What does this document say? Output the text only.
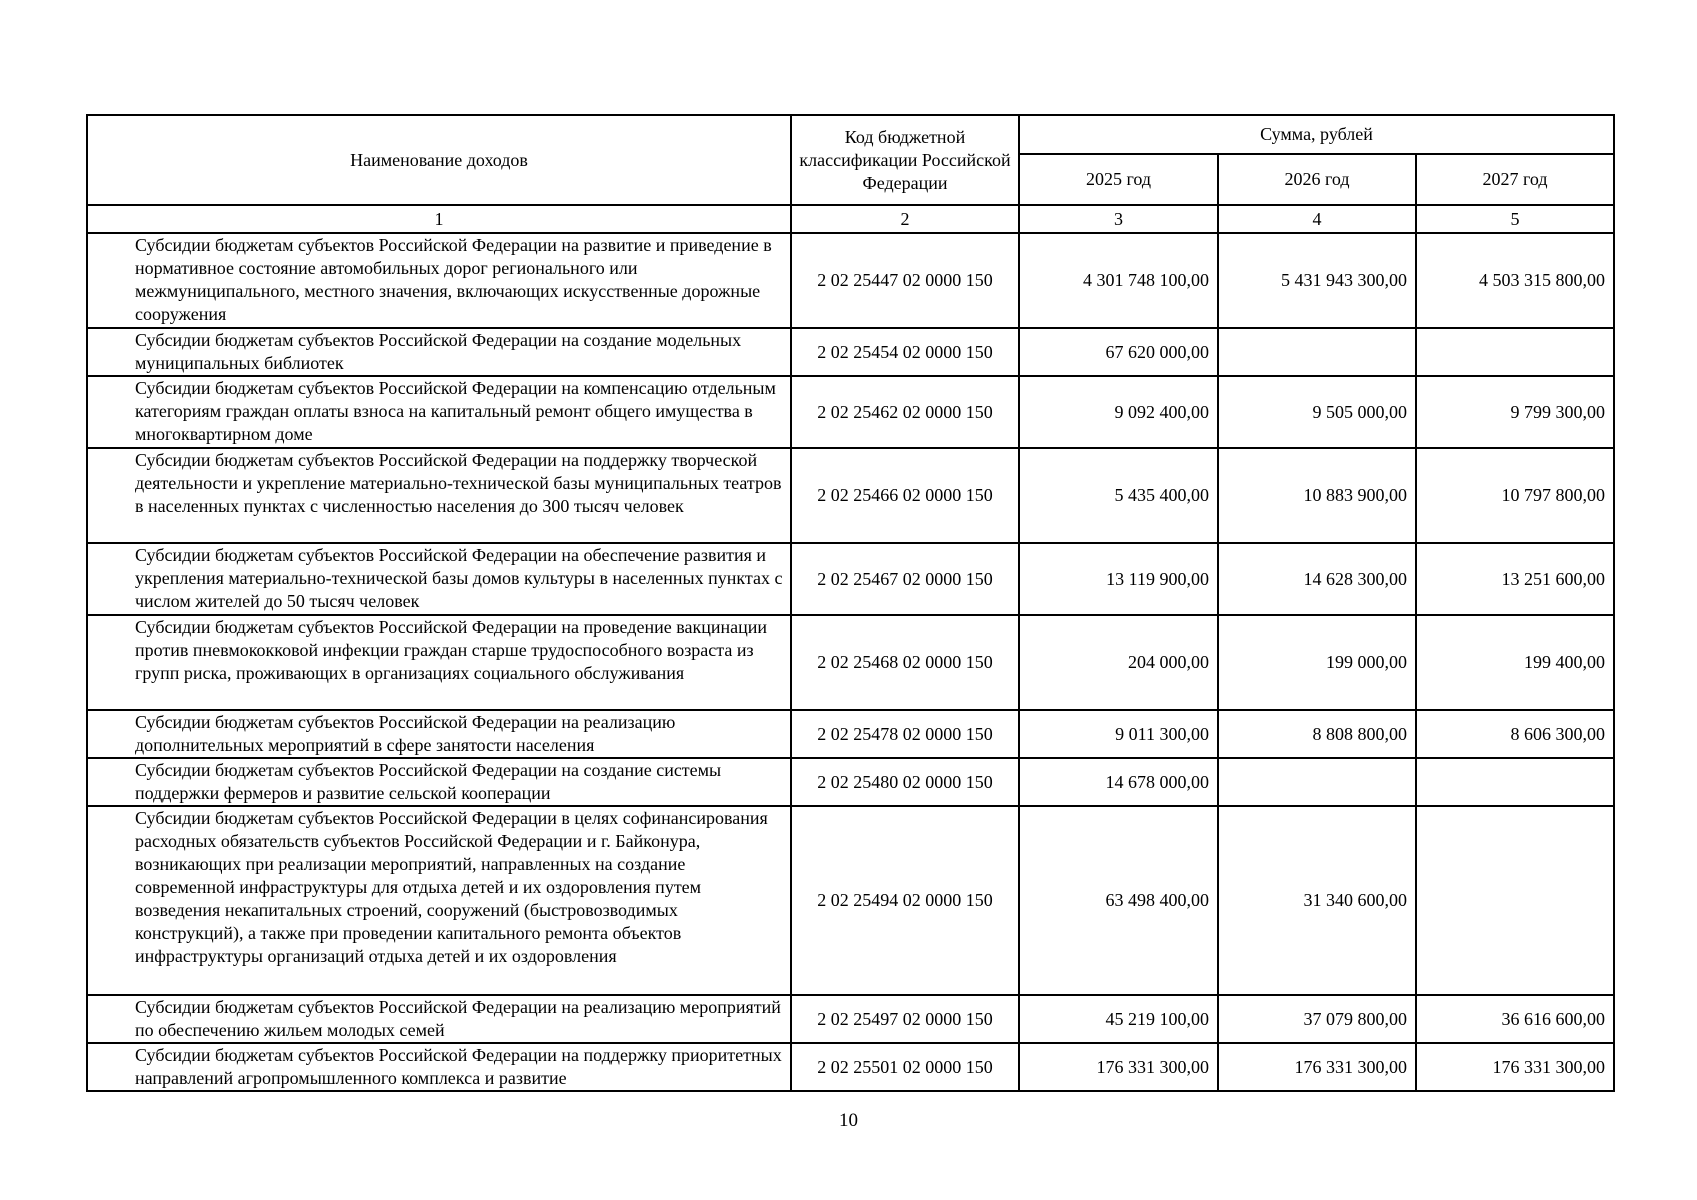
Наименование доходов	Код бюджетной классификации Российской Федерации	Сумма, рублей		
		2025 год	2026 год	2027 год
1	2	3	4	5
Субсидии бюджетам субъектов Российской Федерации на развитие и приведение в нормативное состояние автомобильных дорог регионального или межмуниципального, местного значения, включающих искусственные дорожные сооружения	2 02 25447 02 0000 150	4 301 748 100,00	5 431 943 300,00	4 503 315 800,00
Субсидии бюджетам субъектов Российской Федерации на создание модельных муниципальных библиотек	2 02 25454 02 0000 150	67 620 000,00		
Субсидии бюджетам субъектов Российской Федерации на компенсацию отдельным категориям граждан оплаты взноса на капитальный ремонт общего имущества в многоквартирном доме	2 02 25462 02 0000 150	9 092 400,00	9 505 000,00	9 799 300,00
Субсидии бюджетам субъектов Российской Федерации на поддержку творческой деятельности и укрепление материально-технической базы муниципальных театров в населенных пунктах с численностью населения до 300 тысяч человек	2 02 25466 02 0000 150	5 435 400,00	10 883 900,00	10 797 800,00
Субсидии бюджетам субъектов Российской Федерации на обеспечение развития и укрепления материально-технической базы домов культуры в населенных пунктах с числом жителей до 50 тысяч человек	2 02 25467 02 0000 150	13 119 900,00	14 628 300,00	13 251 600,00
Субсидии бюджетам субъектов Российской Федерации на проведение вакцинации против пневмококковой инфекции граждан старше трудоспособного возраста из групп риска, проживающих в организациях социального обслуживания	2 02 25468 02 0000 150	204 000,00	199 000,00	199 400,00
Субсидии бюджетам субъектов Российской Федерации на реализацию дополнительных мероприятий в сфере занятости населения	2 02 25478 02 0000 150	9 011 300,00	8 808 800,00	8 606 300,00
Субсидии бюджетам субъектов Российской Федерации на создание системы поддержки фермеров и развитие сельской кооперации	2 02 25480 02 0000 150	14 678 000,00		
Субсидии бюджетам субъектов Российской Федерации в целях софинансирования расходных обязательств субъектов Российской Федерации и г. Байконура, возникающих при реализации мероприятий, направленных на создание современной инфраструктуры для отдыха детей и их оздоровления путем возведения некапитальных строений, сооружений (быстровозводимых конструкций), а также при проведении капитального ремонта объектов инфраструктуры организаций отдыха детей и их оздоровления	2 02 25494 02 0000 150	63 498 400,00	31 340 600,00	
Субсидии бюджетам субъектов Российской Федерации на реализацию мероприятий по обеспечению жильем молодых семей	2 02 25497 02 0000 150	45 219 100,00	37 079 800,00	36 616 600,00
Субсидии бюджетам субъектов Российской Федерации на поддержку приоритетных направлений агропромышленного комплекса и развитие	2 02 25501 02 0000 150	176 331 300,00	176 331 300,00	176 331 300,00
10
